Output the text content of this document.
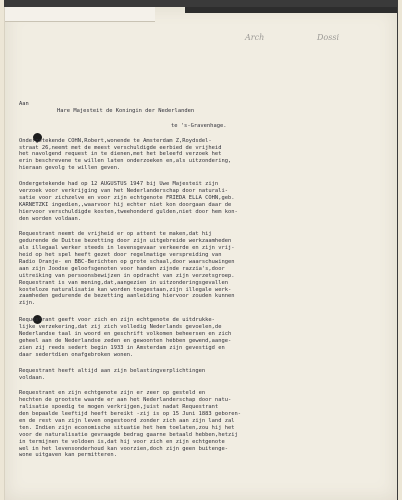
Arch	Dossi
Aan
Hare Majesteit de Koningin der Nederlanden
te 's-Gravenhage.
Ondergetekende COHN,Robert,wonende te Amsterdam Z,Roydsdel-
straat 26,neemt met de meest verschuldigde eerbied de vrijheid
het navolgend request in te dienen,met het beleefd verzoek het
erin beschrevene te willen laten onderzoeken en,als uitzondering,
hieraan gevolg te willen geven.
Ondergetekende had op 12 AUGUSTUS 1947 bij Uwe Majesteit zijn
verzoek voor verkrijging van het Nederlanderschap door naturali-
satie voor zichzelve en voor zijn echtgenote FRIEDA ELLA COHN,geb.
KARNETZKI ingedien,,waarvoor hij echter niet kon doorgaan daar de
hiervoor verschuldigde kosten,tweehonderd gulden,niet door hem kon-
den worden voldaan.
Requestrant neemt de vrijheid er op attent te maken,dat hij
gedurende de Duitse bezetting door zijn uitgebreide werkzaamheden
als illegaal werker steeds in levensgevaar verkeerde en zijn vrij-
heid op het spel heeft gezet door regelmatige verspreiding van
Radio Oranje- en BBC-Berichten op grote schaal,door waarschuwingen
aan zijn Joodse geloofsgenoten voor handen zijnde razzia's,door
uitreiking van persoonsbewijzen in opdracht van zijn verzetsgroep.
Requestrant is van mening,dat,aangezien in uitzonderingsgevallen
kosteloze naturalisatie kan worden toegestaan,zijn illegale werk-
zaamheden gedurende de bezetting aanleiding hiervoor zouden kunnen
zijn.
Requestrant geeft voor zich en zijn echtgenote de uitdrukke-
lijke verzekering,dat zij zich volledig Nederlands gevoelen,de
Nederlandse taal in woord en geschrift volkomen beheersen en zich
geheel aan de Nederlandse zeden en gewoonten hebben gewend,aange-
zien zij reeds sedert begin 1933 in Amsterdam zijn gevestigd en
daar sedertdien onafgebroken wonen.
Requestrant heeft altijd aan zijn belastingverplichtingen
voldaan.
Requestrant en zijn echtgenote zijn er zeer op gesteld en
hechten de grootste waarde er aan het Nederlanderschap door natu-
ralisatie spoedig te mogen verkrijgen,juist nadat Requestrant
den bepaalde leeftijd heeft bereikt -zij is op 15 Juni 1883 geboren-
en de rest van zijn leven ongestoord zonder zich aan zijn land zal
ten. Indien zijn economische situatie het hem toelaten,zou hij het
voor de naturalisatie gevraagde bedrag gaarne betaald hebben,hetzij
in termijnen te voldoen is,dat hij voor zich en zijn echtgenote
wel in het levensonderhoud kan voorzien,doch zijn geen buitenge-
wone uitgaven kan permitteren.
